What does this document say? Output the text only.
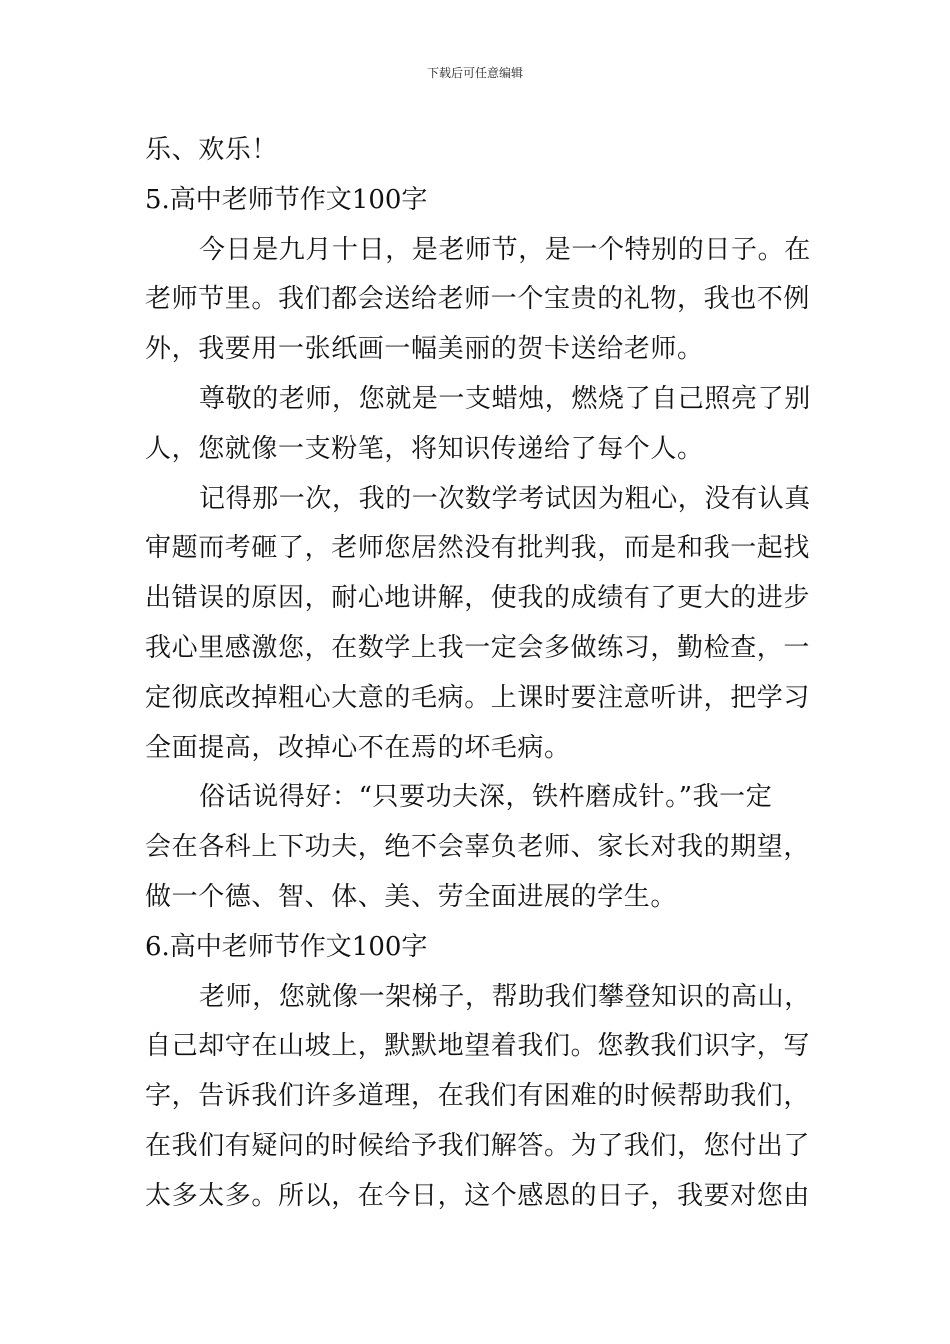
下载后可任意编辑
乐、欢乐！
5.高中老师节作文100字
今日是九月十日，是老师节，是一个特别的日子。在
老师节里。我们都会送给老师一个宝贵的礼物，我也不例
外，我要用一张纸画一幅美丽的贺卡送给老师。
尊敬的老师，您就是一支蜡烛，燃烧了自己照亮了别
人，您就像一支粉笔，将知识传递给了每个人。
记得那一次，我的一次数学考试因为粗心，没有认真
审题而考砸了，老师您居然没有批判我，而是和我一起找
出错误的原因，耐心地讲解，使我的成绩有了更大的进步
我心里感激您，在数学上我一定会多做练习，勤检查，一
定彻底改掉粗心大意的毛病。上课时要注意听讲，把学习
全面提高，改掉心不在焉的坏毛病。
俗话说得好：“只要功夫深，铁杵磨成针。”我一定
会在各科上下功夫，绝不会辜负老师、家长对我的期望，
做一个德、智、体、美、劳全面进展的学生。
6.高中老师节作文100字
老师，您就像一架梯子，帮助我们攀登知识的高山，
自己却守在山坡上，默默地望着我们。您教我们识字，写
字，告诉我们许多道理，在我们有困难的时候帮助我们，
在我们有疑问的时候给予我们解答。为了我们，您付出了
太多太多。所以，在今日，这个感恩的日子，我要对您由
